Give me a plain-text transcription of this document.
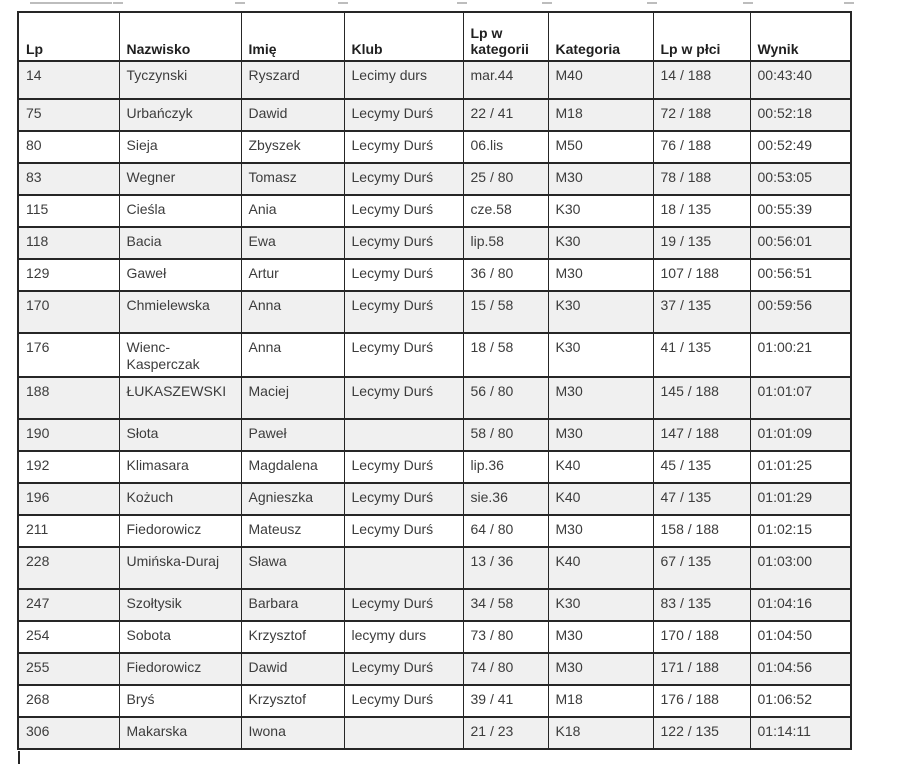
Lp	Nazwisko	Imię	Klub	Lp w kategorii	Kategoria	Lp w płci	Wynik
14	Tyczynski	Ryszard	Lecimy durs	mar.44	M40	14 / 188	00:43:40
75	Urbańczyk	Dawid	Lecymy Durś	22 / 41	M18	72 / 188	00:52:18
80	Sieja	Zbyszek	Lecymy Durś	06.lis	M50	76 / 188	00:52:49
83	Wegner	Tomasz	Lecymy Durś	25 / 80	M30	78 / 188	00:53:05
115	Cieśla	Ania	Lecymy Durś	cze.58	K30	18 / 135	00:55:39
118	Bacia	Ewa	Lecymy Durś	lip.58	K30	19 / 135	00:56:01
129	Gaweł	Artur	Lecymy Durś	36 / 80	M30	107 / 188	00:56:51
170	Chmielewska	Anna	Lecymy Durś	15 / 58	K30	37 / 135	00:59:56
176	Wienc-Kasperczak	Anna	Lecymy Durś	18 / 58	K30	41 / 135	01:00:21
188	ŁUKASZEWSKI	Maciej	Lecymy Durś	56 / 80	M30	145 / 188	01:01:07
190	Słota	Paweł		58 / 80	M30	147 / 188	01:01:09
192	Klimasara	Magdalena	Lecymy Durś	lip.36	K40	45 / 135	01:01:25
196	Kożuch	Agnieszka	Lecymy Durś	sie.36	K40	47 / 135	01:01:29
211	Fiedorowicz	Mateusz	Lecymy Durś	64 / 80	M30	158 / 188	01:02:15
228	Umińska-Duraj	Sława		13 / 36	K40	67 / 135	01:03:00
247	Szołtysik	Barbara	Lecymy Durś	34 / 58	K30	83 / 135	01:04:16
254	Sobota	Krzysztof	lecymy durs	73 / 80	M30	170 / 188	01:04:50
255	Fiedorowicz	Dawid	Lecymy Durś	74 / 80	M30	171 / 188	01:04:56
268	Bryś	Krzysztof	Lecymy Durś	39 / 41	M18	176 / 188	01:06:52
306	Makarska	Iwona		21 / 23	K18	122 / 135	01:14:11
